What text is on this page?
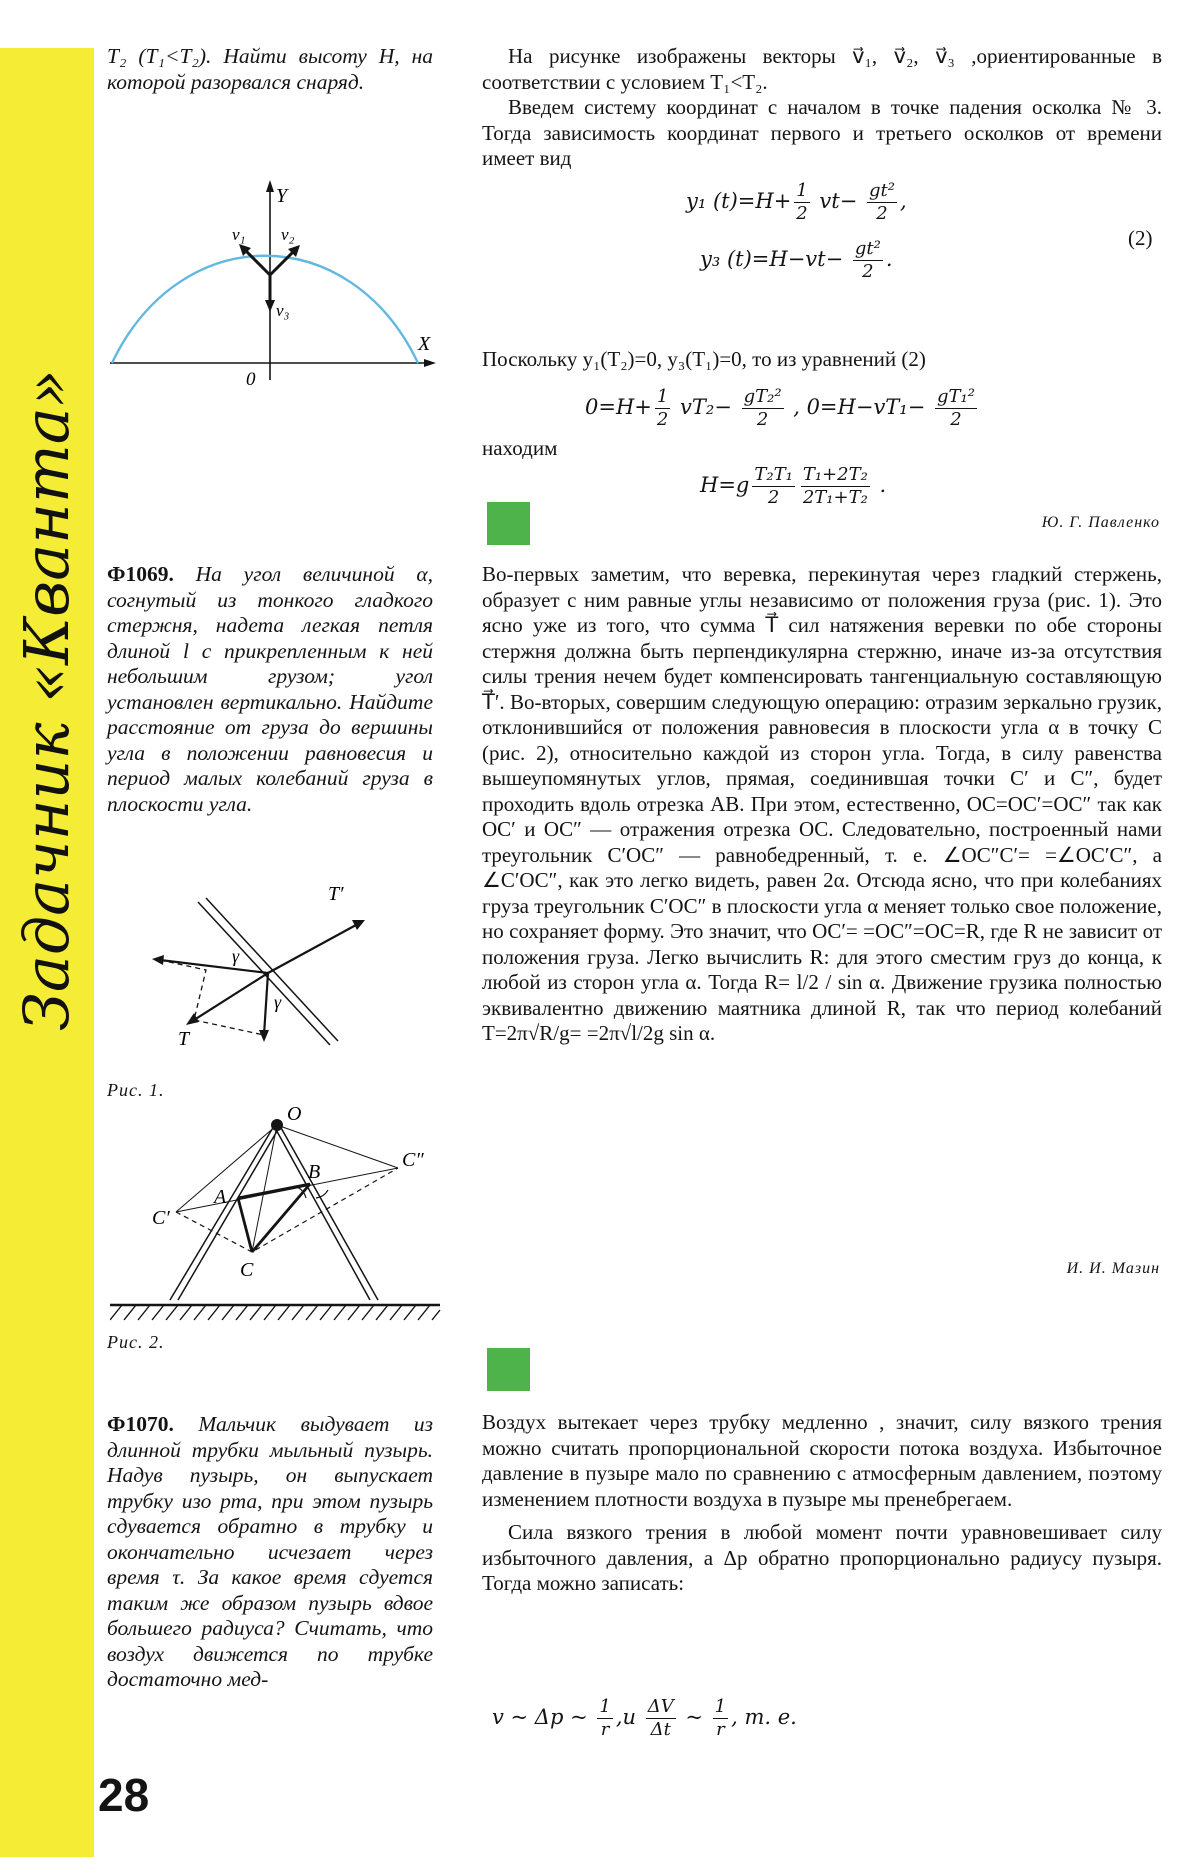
Задачник «Кванта»
28
T₂ (T₁<T₂). Найти высоту H, на которой разорвался снаряд.
Y
X
0
v₁ v₂
v₃
Ф1069. На угол величиной α, согнутый из тонкого гладкого стержня, надета легкая петля длиной l с прикрепленным к ней небольшим грузом; угол установлен вертикально. Найдите расстояние от груза до вершины угла в положении равновесия и период малых колебаний груза в плоскости угла.
T′
T
γ
γ
Рис. 1.
O
A
B
C
C′
C″
Рис. 2.
Ф1070. Мальчик выдувает из длинной трубки мыльный пузырь. Надув пузырь, он выпускает трубку изо рта, при этом пузырь сдувается обратно в трубку и окончательно исчезает через время τ. За какое время сдуется таким же образом пузырь вдвое большего радиуса? Считать, что воздух движется по трубке достаточно мед-

На рисунке изображены векторы v⃗₁, v⃗₂, v⃗₃ ,ориентированные в соответствии с условием T₁<T₂.

Введем систему координат с началом в точке падения осколка № 3. Тогда зависимость координат первого и третьего осколков от времени имеет вид

y₁ $(t)=H+ \frac{1}{2} vt- \frac{\text{gt²}}{2}$ ,
y₃ $(t)=H-vt- \frac{\text{gt²}}{2}$ .
(2)

Поскольку y₁(T₂)=0, y₃(T₁)=0, то из уравнений (2)

$0=H+ \frac{1}{2} vT_2- \frac{\text{gT₂²}}{2}$ , $0=H-vT_1- \frac{\text{gT₁²}}{2}$

находим

$H=g \frac{\text{T₂T₁}}{2} \frac{\text{T₁+2T₂}}{\text{2T₁+T₂}}$ .
Ю. Г. Павленко

Во-первых заметим, что веревка, перекинутая через гладкий стержень, образует с ним равные углы независимо от положения груза (рис. 1). Это ясно уже из того, что сумма T⃗ сил натяжения веревки по обе стороны стержня должна быть перпендикулярна стержню, иначе из-за отсутствия силы трения нечем будет компенсировать тангенциальную составляющую T⃗′. Во-вторых, совершим следующую операцию: отразим зеркально грузик, отклонившийся от положения равновесия в плоскости угла α в точку C (рис. 2), относительно каждой из сторон угла. Тогда, в силу равенства вышеупомянутых углов, прямая, соединившая точки C′ и C″, будет проходить вдоль отрезка AB. При этом, естественно, OC=OC′=OC″ так как OC′ и OC″ — отражения отрезка OC. Следовательно, построенный нами треугольник C′OC″ — равнобедренный, т. е. ∠OC″C′= =∠OC′C″, а ∠C′OC″, как это легко видеть, равен 2α. Отсюда ясно, что при колебаниях груза треугольник C′OC″ в плоскости угла α меняет только свое положение, но сохраняет форму. Это значит, что OC′= =OC″=OC=R, где R не зависит от положения груза. Легко вычислить R: для этого сместим груз до конца, к любой из сторон угла α. Тогда R= l/2 / sin α. Движение грузика полностью эквивалентно движению маятника длиной R, так что период колебаний T=2π√R/g= =2π√l/2g sin α.

И. И. Мазин

Воздух вытекает через трубку медленно , значит, силу вязкого трения можно считать пропорциональной скорости потока воздуха. Избыточное давление в пузыре мало по сравнению с атмосферным давлением, поэтому изменением плотности воздуха в пузыре мы пренебрегаем.

Сила вязкого трения в любой момент почти уравновешивает силу избыточного давления, а Δp обратно пропорционально радиусу пузыря. Тогда можно записать:

v ~ Δp ~ $\frac{1}{r} ,и \frac{\Delta V}{\Delta t}$ ~ $\frac{1}{r}$ , т. е.
